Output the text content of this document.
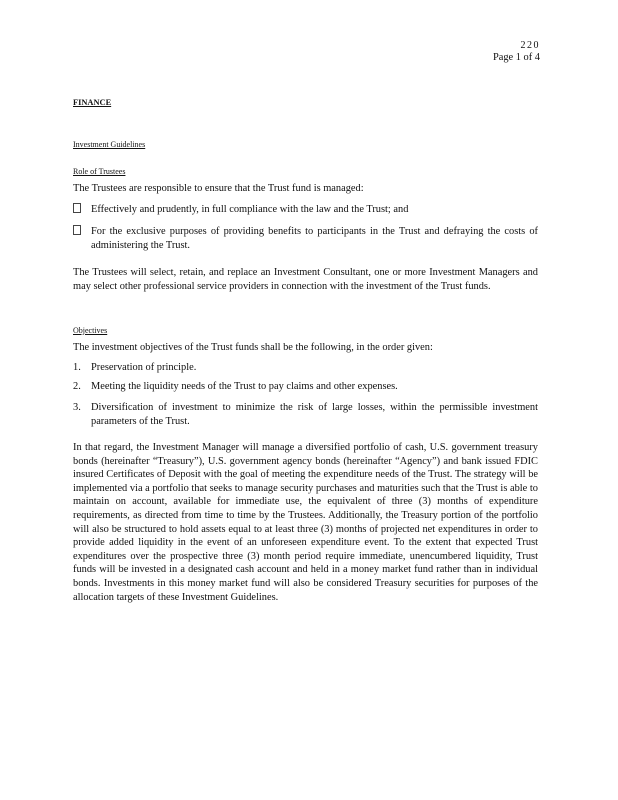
220
Page 1 of 4
FINANCE
Investment Guidelines
Role of Trustees
The Trustees are responsible to ensure that the Trust fund is managed:
Effectively and prudently, in full compliance with the law and the Trust; and
For the exclusive purposes of providing benefits to participants in the Trust and defraying the costs of administering the Trust.
The Trustees will select, retain, and replace an Investment Consultant, one or more Investment Managers and may select other professional service providers in connection with the investment of the Trust funds.
Objectives
The investment objectives of the Trust funds shall be the following, in the order given:
1. Preservation of principle.
2. Meeting the liquidity needs of the Trust to pay claims and other expenses.
3. Diversification of investment to minimize the risk of large losses, within the permissible investment parameters of the Trust.
In that regard, the Investment Manager will manage a diversified portfolio of cash, U.S. government treasury bonds (hereinafter “Treasury”), U.S. government agency bonds (hereinafter “Agency”) and bank issued FDIC insured Certificates of Deposit with the goal of meeting the expenditure needs of the Trust. The strategy will be implemented via a portfolio that seeks to manage security purchases and maturities such that the Trust is able to maintain on account, available for immediate use, the equivalent of three (3) months of expenditure requirements, as directed from time to time by the Trustees. Additionally, the Treasury portion of the portfolio will also be structured to hold assets equal to at least three (3) months of projected net expenditures in order to provide added liquidity in the event of an unforeseen expenditure event. To the extent that expected Trust expenditures over the prospective three (3) month period require immediate, unencumbered liquidity, Trust funds will be invested in a designated cash account and held in a money market fund rather than in individual bonds. Investments in this money market fund will also be considered Treasury securities for purposes of the allocation targets of these Investment Guidelines.
